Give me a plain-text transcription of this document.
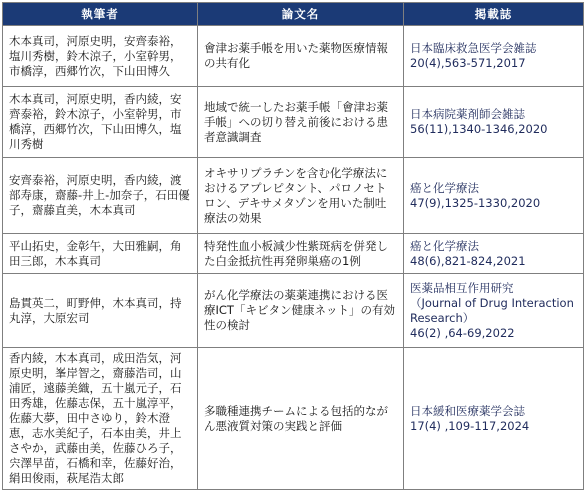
執筆者	論文名	掲載誌
木本真司，河原史明，安齊泰裕，塩川秀樹，鈴木涼子，小室幹男，市橋淳，西郷竹次，下山田博久	會津お薬手帳を用いた薬物医療情報の共有化	日本臨床救急医学会雑誌
20(4),563-571,2017
木本真司，河原史明，香内綾，安齊泰裕，鈴木涼子，小室幹男，市橋淳，西郷竹次，下山田博久，塩川秀樹	地域で統一したお薬手帳「會津お薬手帳」への切り替え前後における患者意識調査	日本病院薬剤師会雑誌
56(11),1340-1346,2020
安齊泰裕，河原史明，香内綾，渡部寿康，齋藤-井上-加奈子，石田優子，齋藤直美，木本真司	オキサリプラチンを含む化学療法におけるアプレピタント、パロノセトロン、デキサメタゾンを用いた制吐療法の効果	癌と化学療法
47(9),1325-1330,2020
平山拓史，金彰午，大田雅嗣，角田三郎，木本真司	特発性血小板減少性紫斑病を併発した白金抵抗性再発卵巣癌の1例	癌と化学療法
48(6),821-824,2021
島貫英二，町野伸，木本真司，持丸淳，大原宏司	がん化学療法の薬薬連携における医療ICT「キビタン健康ネット」の有効性の検討	医薬品相互作用研究
（Journal of Drug Interaction Research）
46(2) ,64-69,2022
香内綾，木本真司，成田浩気，河原史明，峯岸智之，齋藤浩司，山浦匠，遠藤美織，五十嵐元子，石田秀雄，佐藤志保，五十嵐淳平，佐藤大夢，田中さゆり，鈴木澄恵，志水美紀子，石本由美，井上さやか，武藤由美，佐藤ひろ子，宍澤早苗，石橋和幸，佐藤好治，絹田俊雨，萩尾浩太郎	多職種連携チームによる包括的ながん悪液質対策の実践と評価	日本緩和医療薬学会誌
17(4) ,109-117,2024
